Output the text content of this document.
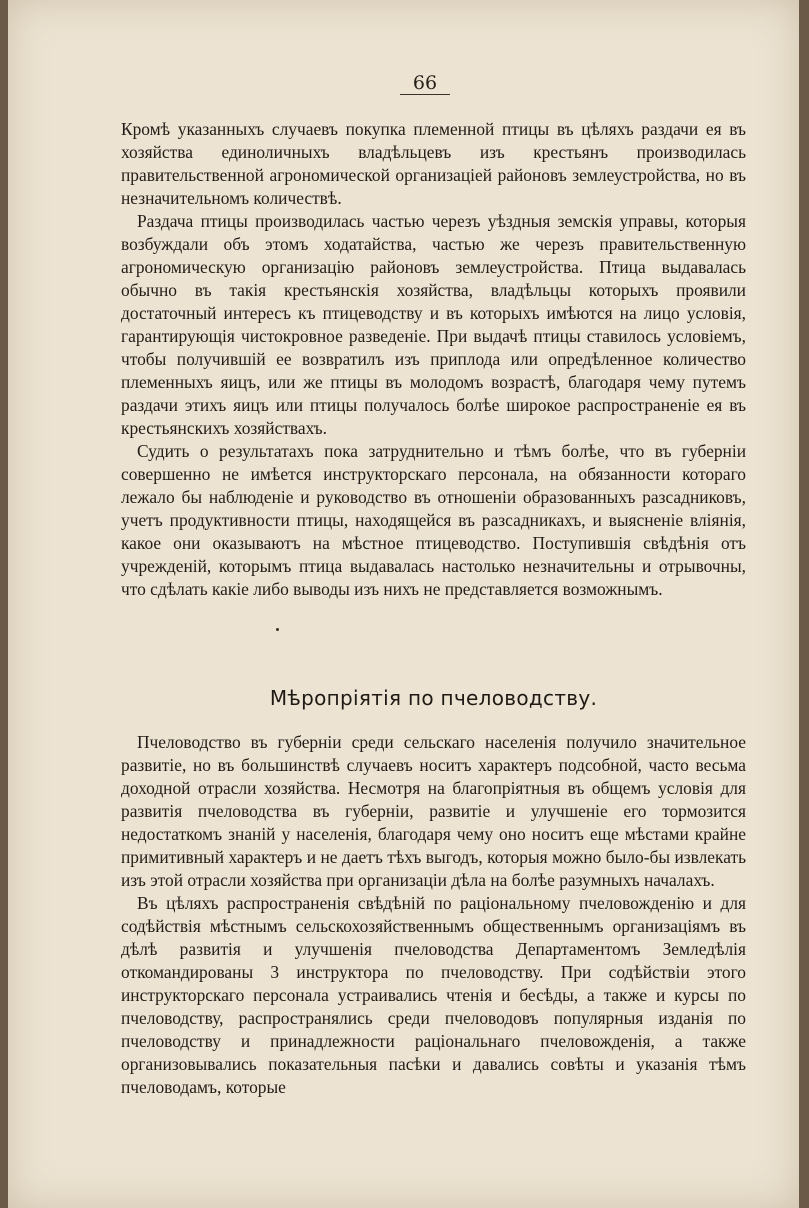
66

Кромѣ указанныхъ случаевъ покупка племенной птицы въ цѣляхъ раздачи ея въ хозяйства единоличныхъ владѣльцевъ изъ крестьянъ производилась правительственной агрономической организацiей районовъ землеустройства, но въ незначительномъ количествѣ.

Раздача птицы производилась частью черезъ уѣздныя земскiя управы, которыя возбуждали объ этомъ ходатайства, частью же черезъ правительственную агрономическую организацiю районовъ землеустройства. Птица выдавалась обычно въ такiя крестьянскiя хозяйства, владѣльцы которыхъ проявили достаточный интересъ къ птицеводству и въ которыхъ имѣются на лицо условiя, гарантирующiя чистокровное разведенiе. При выдачѣ птицы ставилось условiемъ, чтобы получившiй ее возвратилъ изъ приплода или опредѣленное количество племенныхъ яицъ, или же птицы въ молодомъ возрастѣ, благодаря чему путемъ раздачи этихъ яицъ или птицы получалось болѣе широкое распространенiе ея въ крестьянскихъ хозяйствахъ.

Судить о результатахъ пока затруднительно и тѣмъ болѣе, что въ губернiи совершенно не имѣется инструкторскаго персонала, на обязанности котораго лежало бы наблюденiе и руководство въ отношенiи образованныхъ разсадниковъ, учетъ продуктивности птицы, находящейся въ разсадникахъ, и выясненiе влiянiя, какое они оказываютъ на мѣстное птицеводство. Поступившiя свѣдѣнiя отъ учрежденiй, которымъ птица выдавалась настолько незначительны и отрывочны, что сдѣлать какiе либо выводы изъ нихъ не представляется возможнымъ.

Мѣропрiятiя по пчеловодству.

Пчеловодство въ губернiи среди сельскаго населенiя получило значительное развитiе, но въ большинствѣ случаевъ носитъ характеръ подсобной, часто весьма доходной отрасли хозяйства. Несмотря на благопрiятныя въ общемъ условiя для развитiя пчеловодства въ губернiи, развитiе и улучшенiе его тормозится недостаткомъ знанiй у населенiя, благодаря чему оно носитъ еще мѣстами крайне примитивный характеръ и не даетъ тѣхъ выгодъ, которыя можно было-бы извлекать изъ этой отрасли хозяйства при организацiи дѣла на болѣе разумныхъ началахъ.

Въ цѣляхъ распространенiя свѣдѣнiй по рацiональному пчеловожденiю и для содѣйствiя мѣстнымъ сельскохозяйственнымъ общественнымъ организацiямъ въ дѣлѣ развитiя и улучшенiя пчеловодства Департаментомъ Земледѣлiя откомандированы 3 инструктора по пчеловодству. При содѣйствiи этого инструкторскаго персонала устраивались чтенiя и бесѣды, а также и курсы по пчеловодству, распространялись среди пчеловодовъ популярныя изданiя по пчеловодству и принадлежности рацiональнаго пчеловожденiя, а также организовывались показательныя пасѣки и давались совѣты и указанiя тѣмъ пчеловодамъ, которые
